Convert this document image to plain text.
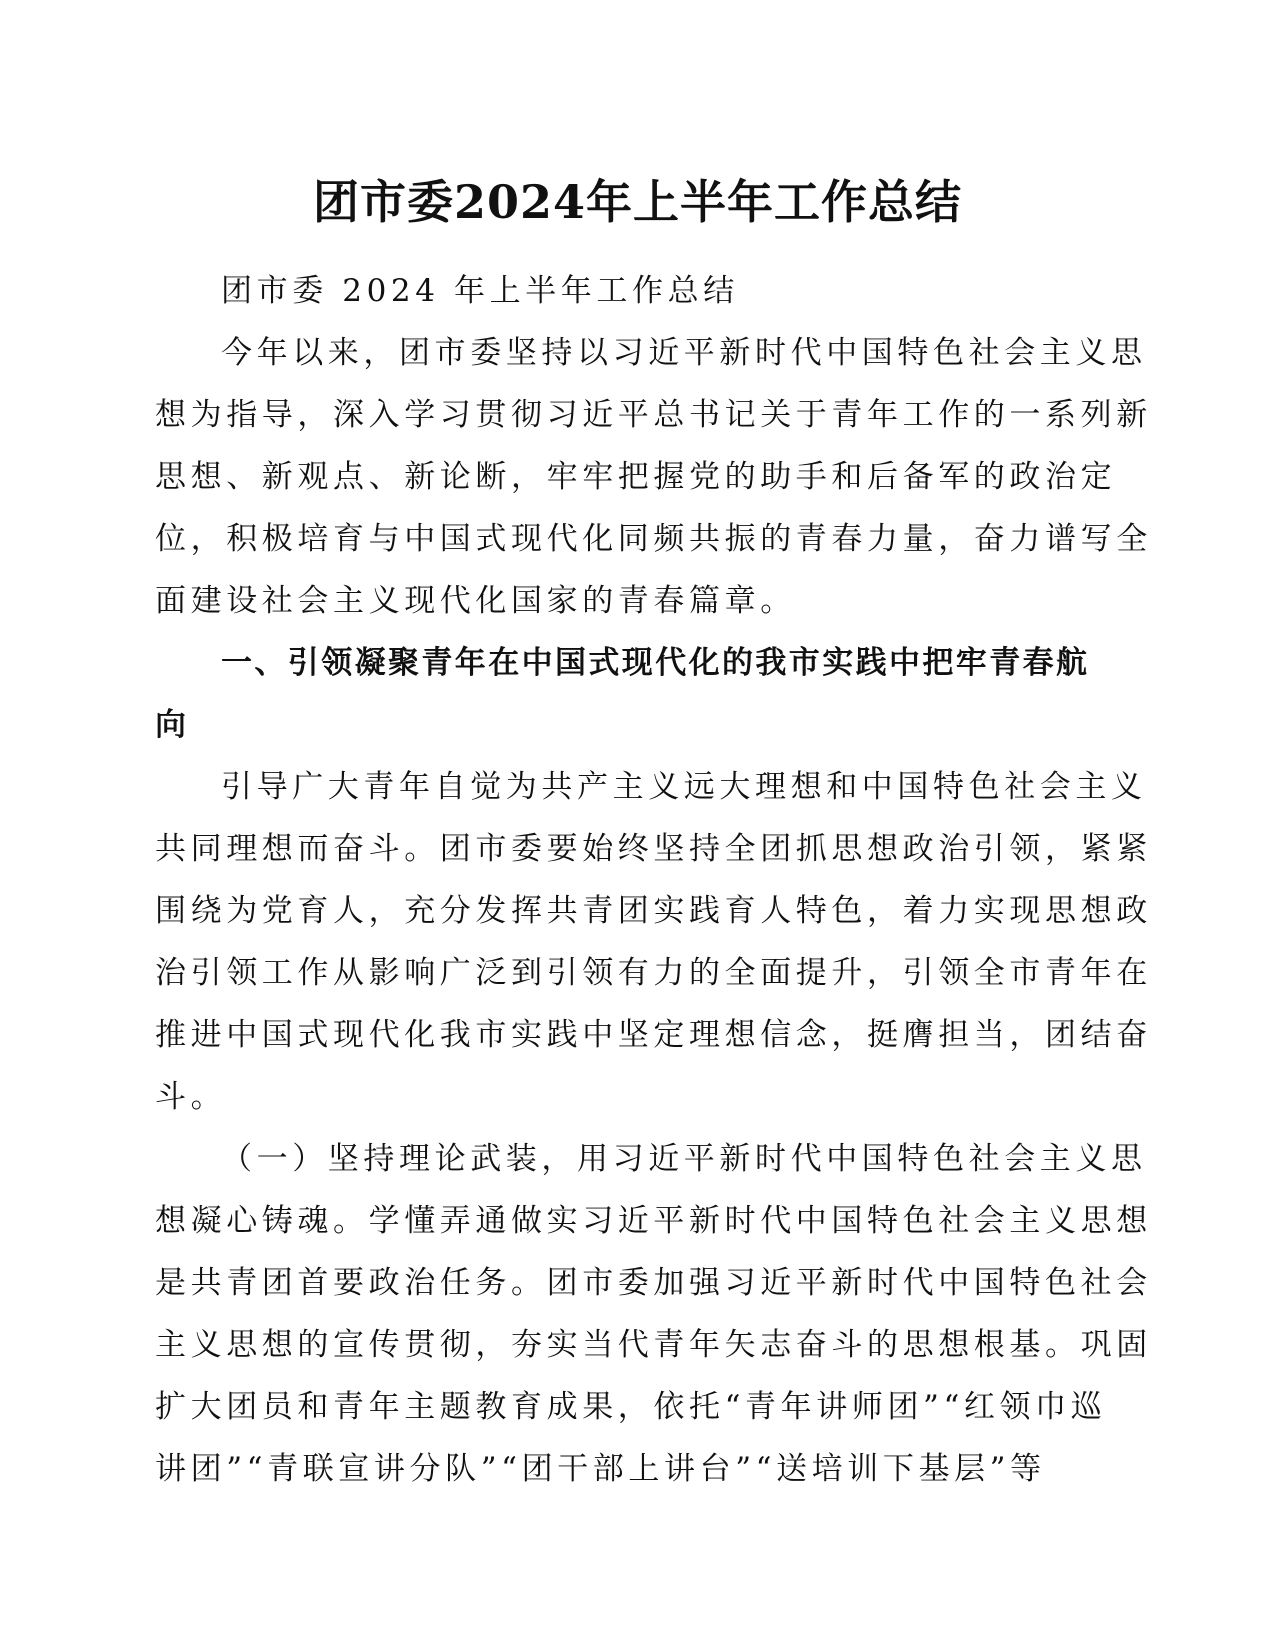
团市委2024年上半年工作总结
团市委 2024 年上半年工作总结
今年以来，团市委坚持以习近平新时代中国特色社会主义思
想为指导，深入学习贯彻习近平总书记关于青年工作的一系列新
思想、新观点、新论断，牢牢把握党的助手和后备军的政治定
位，积极培育与中国式现代化同频共振的青春力量，奋力谱写全
面建设社会主义现代化国家的青春篇章。
一、引领凝聚青年在中国式现代化的我市实践中把牢青春航
向
引导广大青年自觉为共产主义远大理想和中国特色社会主义
共同理想而奋斗。团市委要始终坚持全团抓思想政治引领，紧紧
围绕为党育人，充分发挥共青团实践育人特色，着力实现思想政
治引领工作从影响广泛到引领有力的全面提升，引领全市青年在
推进中国式现代化我市实践中坚定理想信念，挺膺担当，团结奋
斗。
（一）坚持理论武装，用习近平新时代中国特色社会主义思
想凝心铸魂。学懂弄通做实习近平新时代中国特色社会主义思想
是共青团首要政治任务。团市委加强习近平新时代中国特色社会
主义思想的宣传贯彻，夯实当代青年矢志奋斗的思想根基。巩固
扩大团员和青年主题教育成果，依托“青年讲师团”“红领巾巡
讲团”“青联宣讲分队”“团干部上讲台”“送培训下基层”等
